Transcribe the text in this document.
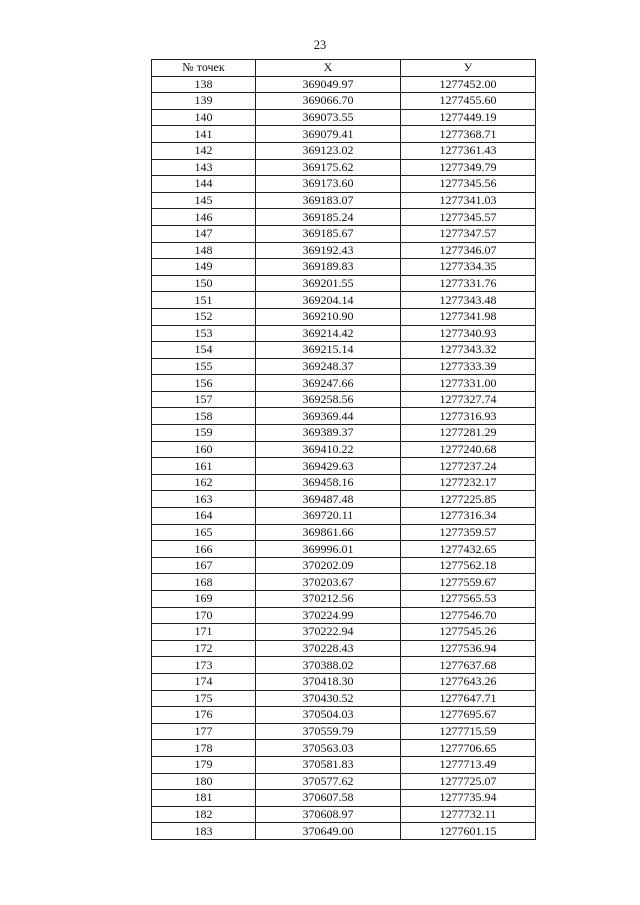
23
№ точек	X	У
138	369049.97	1277452.00
139	369066.70	1277455.60
140	369073.55	1277449.19
141	369079.41	1277368.71
142	369123.02	1277361.43
143	369175.62	1277349.79
144	369173.60	1277345.56
145	369183.07	1277341.03
146	369185.24	1277345.57
147	369185.67	1277347.57
148	369192.43	1277346.07
149	369189.83	1277334.35
150	369201.55	1277331.76
151	369204.14	1277343.48
152	369210.90	1277341.98
153	369214.42	1277340.93
154	369215.14	1277343.32
155	369248.37	1277333.39
156	369247.66	1277331.00
157	369258.56	1277327.74
158	369369.44	1277316.93
159	369389.37	1277281.29
160	369410.22	1277240.68
161	369429.63	1277237.24
162	369458.16	1277232.17
163	369487.48	1277225.85
164	369720.11	1277316.34
165	369861.66	1277359.57
166	369996.01	1277432.65
167	370202.09	1277562.18
168	370203.67	1277559.67
169	370212.56	1277565.53
170	370224.99	1277546.70
171	370222.94	1277545.26
172	370228.43	1277536.94
173	370388.02	1277637.68
174	370418.30	1277643.26
175	370430.52	1277647.71
176	370504.03	1277695.67
177	370559.79	1277715.59
178	370563.03	1277706.65
179	370581.83	1277713.49
180	370577.62	1277725.07
181	370607.58	1277735.94
182	370608.97	1277732.11
183	370649.00	1277601.15
